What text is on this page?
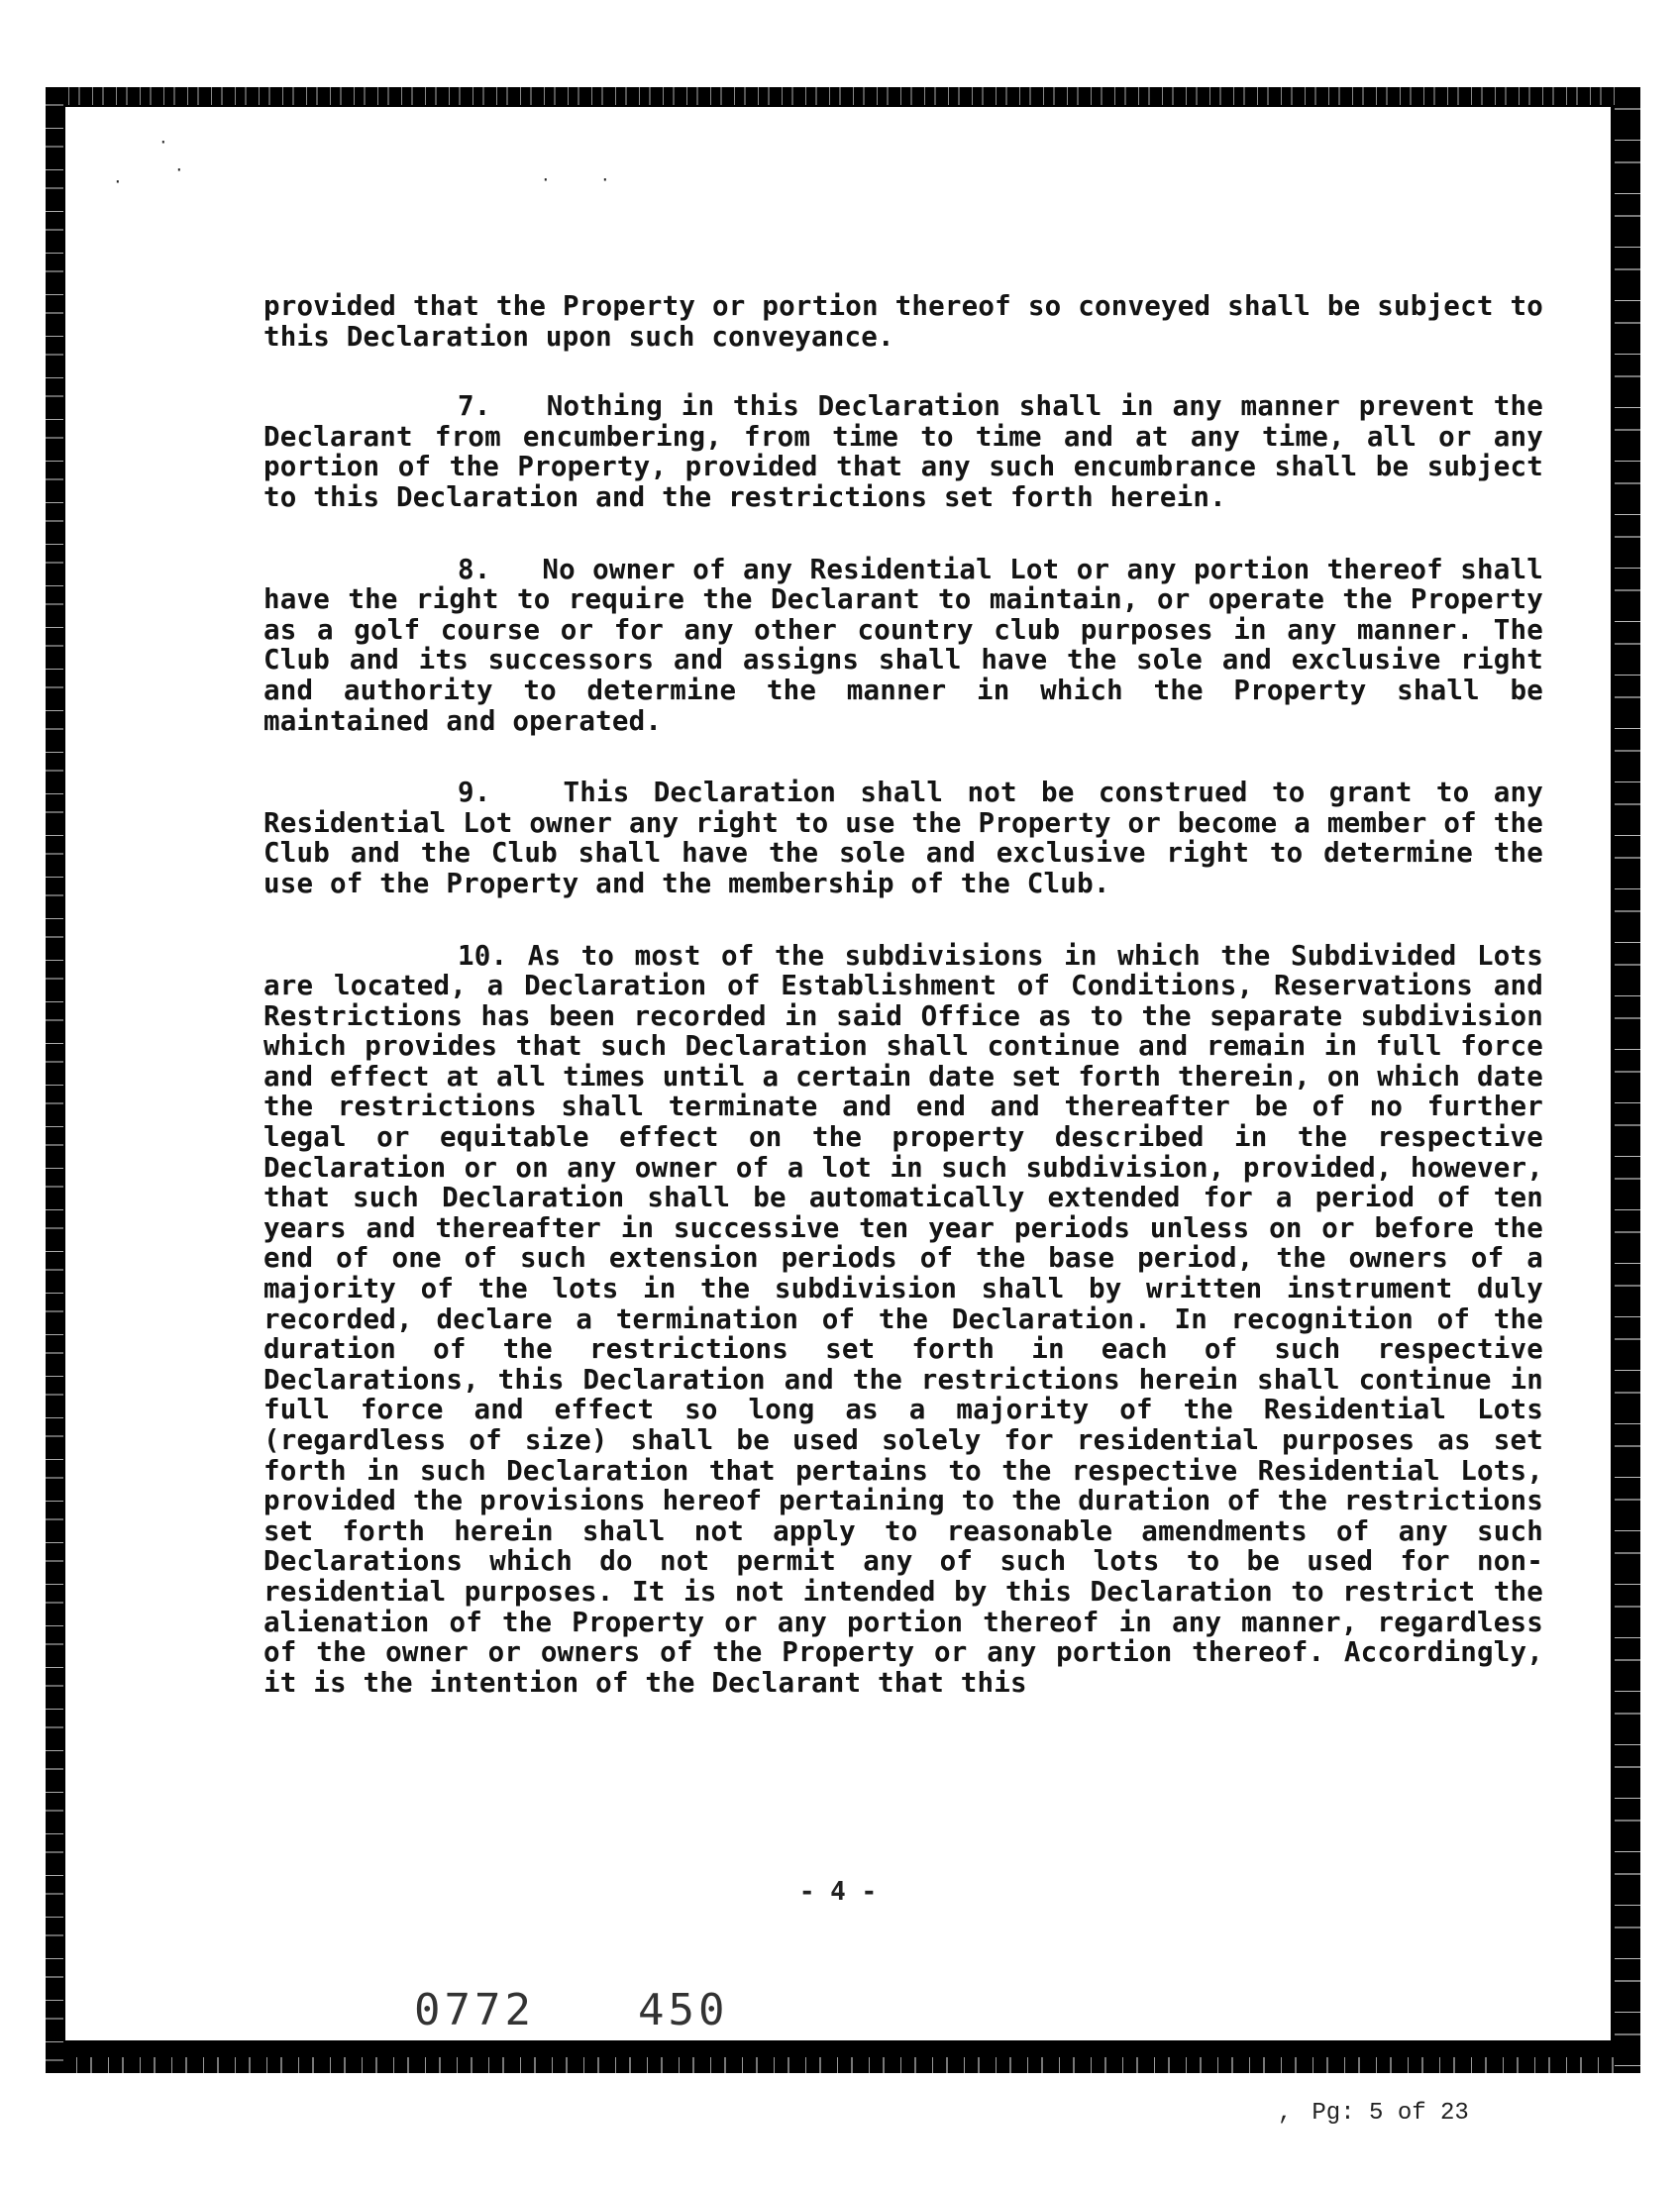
·
·
·	·	·

provided that the Property or portion thereof so conveyed shall be subject to this Declaration upon such conveyance.

7. Nothing in this Declaration shall in any manner prevent the Declarant from encumbering, from time to time and at any time, all or any portion of the Property, provided that any such encumbrance shall be subject to this Declaration and the restrictions set forth herein.

8. No owner of any Residential Lot or any portion thereof shall have the right to require the Declarant to maintain, or operate the Property as a golf course or for any other country club purposes in any manner. The Club and its successors and assigns shall have the sole and exclusive right and authority to determine the manner in which the Property shall be maintained and operated.

9.	This Declaration shall not be construed to grant to any Residential Lot owner any right to use the Property or become a member of the Club and the Club shall have the sole and exclusive right to determine the use of the Property and the membership of the Club.

10. As to most of the subdivisions in which the Subdivided Lots are located, a Declaration of Establishment of Conditions, Reservations and Restrictions has been recorded in said Office as to the separate subdivision which provides that such Declaration shall continue and remain in full force and effect at all times until a certain date set forth therein, on which date the restrictions shall terminate and end and thereafter be of no further legal or equitable effect on the property described in the respective Declaration or on any owner of a lot in such subdivision, provided, however, that such Declaration shall be automatically extended for a period of ten years and thereafter in successive ten year periods unless on or before the end of one of such extension periods of the base period, the owners of a majority of the lots in the subdivision shall by written instrument duly recorded, declare a termination of the Declaration. In recognition of the duration of the restrictions set forth in each of such respective Declarations, this Declaration and the restrictions herein shall continue in full force and effect so long as a majority of the Residential Lots (regardless of size) shall be used solely for residential purposes as set forth in such Declaration that pertains to the respective Residential Lots, provided the provisions hereof pertaining to the duration of the restrictions set forth herein shall not apply to reasonable amendments of any such Declarations which do not permit any of such lots to be used for non-residential purposes. It is not intended by this Declaration to restrict the alienation of the Property or any portion thereof in any manner, regardless of the owner or owners of the Property or any portion thereof. Accordingly, it is the intention of the Declarant that this

- 4 -
0772 450
, Pg: 5 of 23
